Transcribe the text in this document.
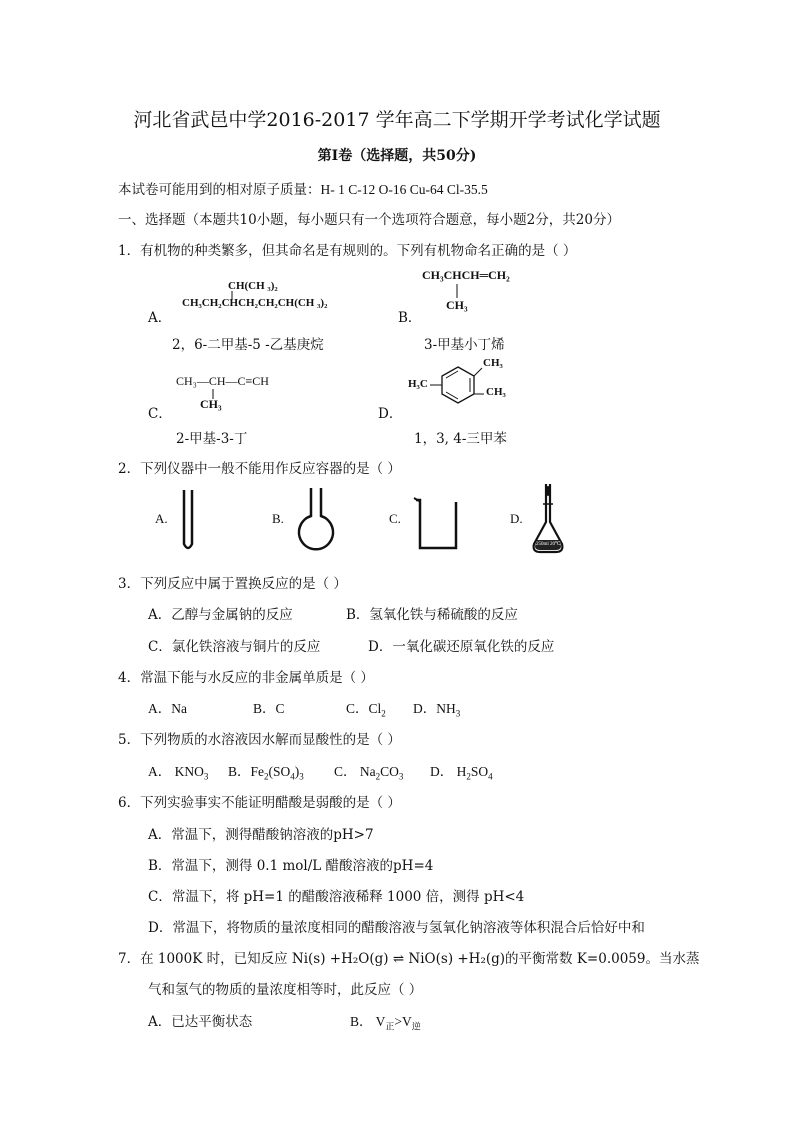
河北省武邑中学2016-2017 学年高二下学期开学考试化学试题
第Ⅰ卷（选择题，共50分)
本试卷可能用到的相对原子质量：H- 1 C-12 O-16 Cu-64 Cl-35.5
一、选择题（本题共10小题，每小题只有一个选项符合题意，每小题2分，共20分）
1．有机物的种类繁多，但其命名是有规则的。下列有机物命名正确的是（ ）
A．
CH(CH ₃)₂
CH₃CH₂CHCH₂CH₂CH(CH ₃)₂
2，6-二甲基-5 -乙基庚烷
B．
CH₃CHCH═CH₂
CH₃
3-甲基小丁烯
C．
CH₃—CH—C≡CH
CH₃
2-甲基-3-丁
D．
H₃C
CH₃
CH₃
1，3, 4-三甲苯
2．下列仪器中一般不能用作反应容器的是（ ）
A.	B.	C.	D.
250ml 20℃
3．下列反应中属于置换反应的是（ ）
A．乙醇与金属钠的反应	B．氢氧化铁与稀硫酸的反应
C．氯化铁溶液与铜片的反应	D．一氧化碳还原氧化铁的反应
4．常温下能与水反应的非金属单质是（ ）
A．Na	B．C	C．$Cl_2$ D．$NH_3$
5．下列物质的水溶液因水解而显酸性的是（ ）
A． $KNO_3$ B．$Fe_2(SO_4)_3$ C． $Na_2CO_3$ D． $H_2SO_4$
6．下列实验事实不能证明醋酸是弱酸的是（ ）
A．常温下，测得醋酸钠溶液的pH>7
B．常温下，测得 0.1 mol/L 醋酸溶液的pH=4
C．常温下，将 pH=1 的醋酸溶液稀释 1000 倍，测得 pH<4
D．常温下，将物质的量浓度相同的醋酸溶液与氢氧化钠溶液等体积混合后恰好中和
7．在 1000K 时，已知反应 Ni(s) +H₂O(g) ⇌ NiO(s) +H₂(g)的平衡常数 K=0.0059。当水蒸
气和氢气的物质的量浓度相等时，此反应（ ）
A．已达平衡状态	B． $V_正>V_逆$
